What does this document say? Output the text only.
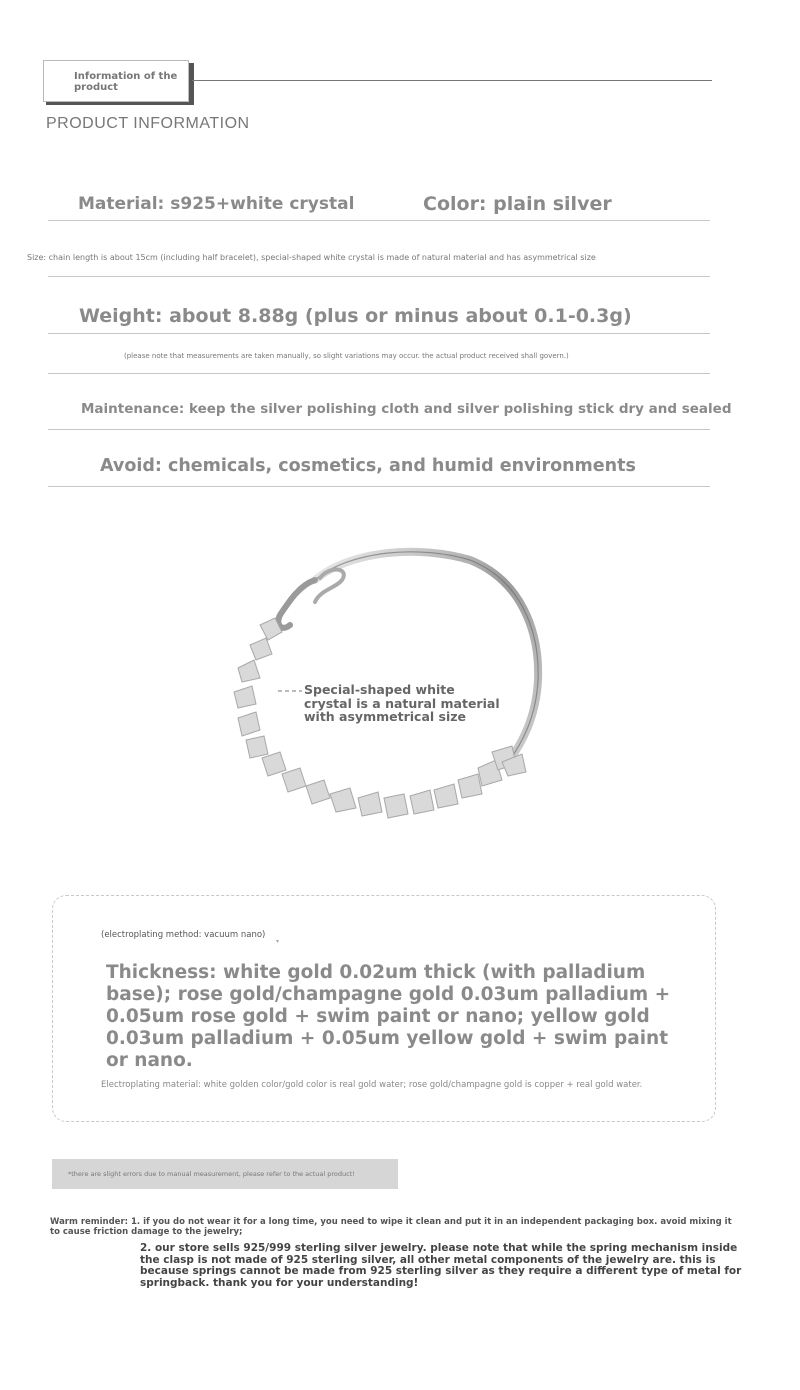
Information of the product
PRODUCT INFORMATION
Material: s925+white crystal	Color: plain silver
Size: chain length is about 15cm (including half bracelet), special-shaped white crystal is made of natural material and has asymmetrical size
Weight: about 8.88g (plus or minus about 0.1-0.3g)
(please note that measurements are taken manually, so slight variations may occur. the actual product received shall govern.)
Maintenance: keep the silver polishing cloth and silver polishing stick dry and sealed
Avoid: chemicals, cosmetics, and humid environments
Special-shaped white crystal is a natural material with asymmetrical size
(electroplating method: vacuum nano)
▾
Thickness: white gold 0.02um thick (with palladium base); rose gold/champagne gold 0.03um palladium + 0.05um rose gold + swim paint or nano; yellow gold 0.03um palladium + 0.05um yellow gold + swim paint or nano.
Electroplating material: white golden color/gold color is real gold water; rose gold/champagne gold is copper + real gold water.
*there are slight errors due to manual measurement, please refer to the actual product!
Warm reminder: 1. if you do not wear it for a long time, you need to wipe it clean and put it in an independent packaging box. avoid mixing it to cause friction damage to the jewelry;
2. our store sells 925/999 sterling silver jewelry. please note that while the spring mechanism inside the clasp is not made of 925 sterling silver, all other metal components of the jewelry are. this is because springs cannot be made from 925 sterling silver as they require a different type of metal for springback. thank you for your understanding!
